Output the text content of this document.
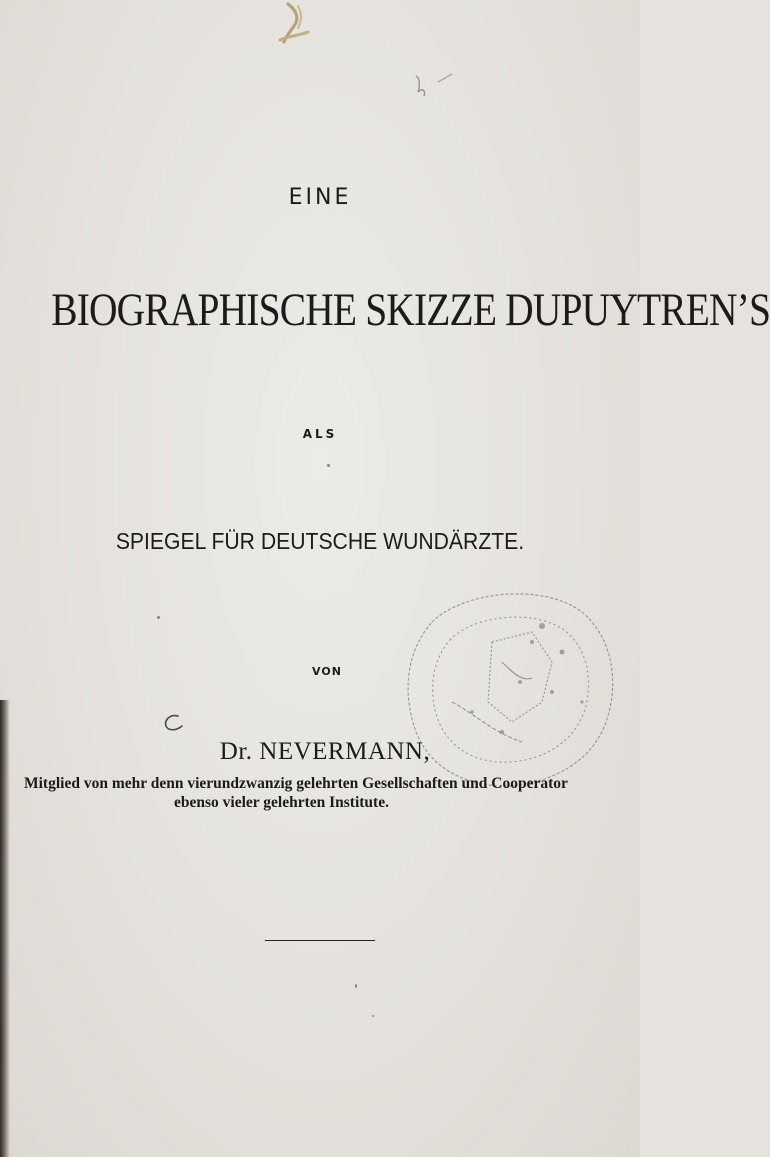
EINE
BIOGRAPHISCHE SKIZZE DUPUYTREN’S
ALS
SPIEGEL FÜR DEUTSCHE WUNDÄRZTE.
VON
Dr. NEVERMANN,
Mitglied von mehr denn vierundzwanzig gelehrten Gesellschaften und Cooperator
ebenso vieler gelehrten Institute.
